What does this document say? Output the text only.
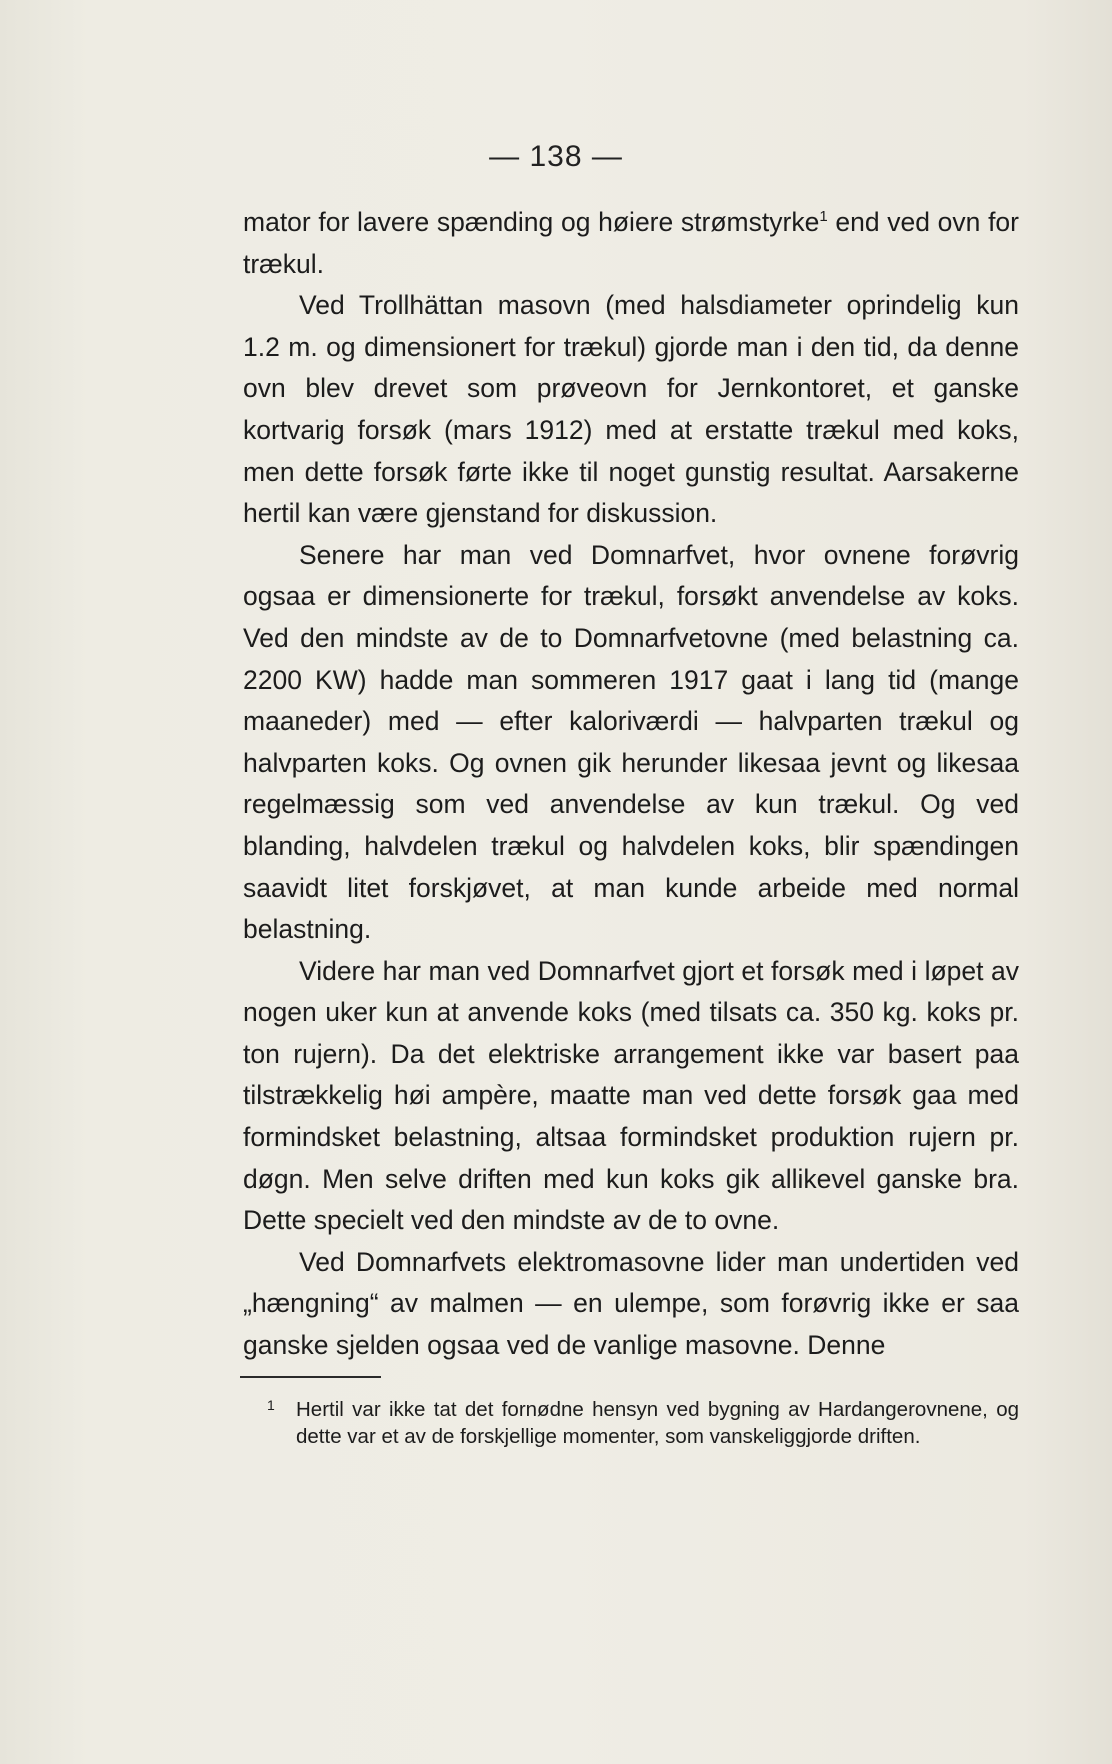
— 138 —

mator for lavere spænding og høiere strømstyrke$^1$ end ved ovn for trækul.

Ved Trollhättan masovn (med halsdiameter oprindelig kun 1.2 m. og dimensionert for trækul) gjorde man i den tid, da denne ovn blev drevet som prøveovn for Jernkontoret, et ganske kortvarig forsøk (mars 1912) med at erstatte trækul med koks, men dette forsøk førte ikke til noget gunstig resultat. Aarsakerne hertil kan være gjenstand for diskussion.

Senere har man ved Domnarfvet, hvor ovnene forøvrig ogsaa er dimensionerte for trækul, forsøkt anvendelse av koks. Ved den mindste av de to Domnarfvetovne (med belastning ca. 2200 KW) hadde man sommeren 1917 gaat i lang tid (mange maaneder) med — efter kaloriværdi — halvparten trækul og halvparten koks. Og ovnen gik herunder likesaa jevnt og likesaa regelmæssig som ved anvendelse av kun trækul. Og ved blanding, halvdelen trækul og halvdelen koks, blir spændingen saavidt litet forskjøvet, at man kunde arbeide med normal belastning.

Videre har man ved Domnarfvet gjort et forsøk med i løpet av nogen uker kun at anvende koks (med tilsats ca. 350 kg. koks pr. ton rujern). Da det elektriske arrangement ikke var basert paa tilstrækkelig høi ampère, maatte man ved dette forsøk gaa med formindsket belastning, altsaa formindsket produktion rujern pr. døgn. Men selve driften med kun koks gik allikevel ganske bra. Dette specielt ved den mindste av de to ovne.

Ved Domnarfvets elektromasovne lider man undertiden ved „hængning“ av malmen — en ulempe, som forøvrig ikke er saa ganske sjelden ogsaa ved de vanlige masovne. Denne

1 Hertil var ikke tat det fornødne hensyn ved bygning av Hardangerovnene, og dette var et av de forskjellige momenter, som vanskeliggjorde driften.
